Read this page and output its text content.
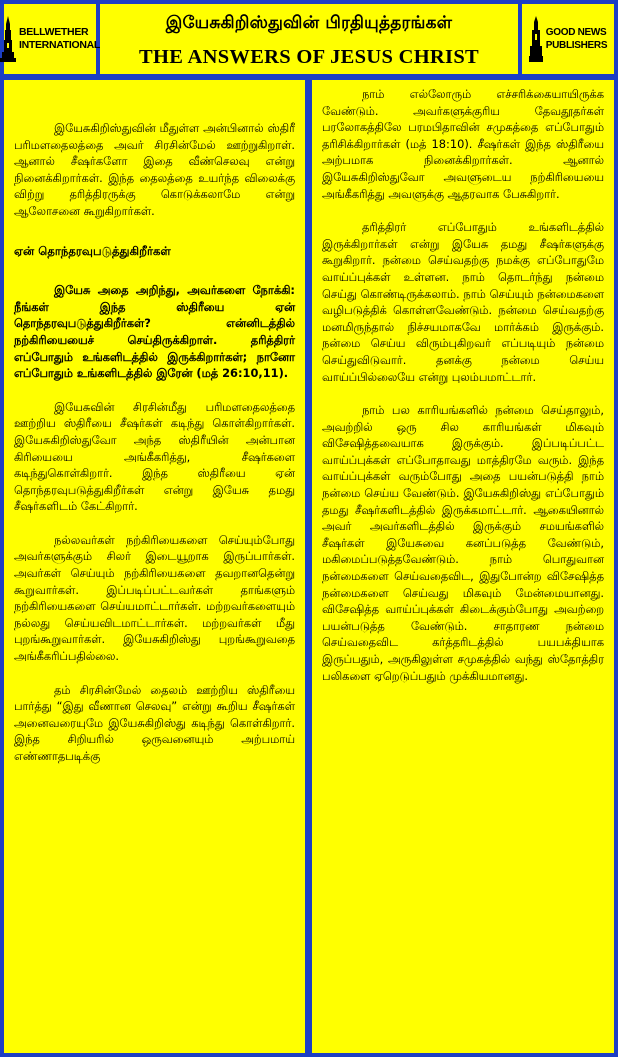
BELLWETHER
INTERNATIONAL
இயேசுகிறிஸ்துவின் பிரதியுத்தரங்கள்
THE ANSWERS OF JESUS CHRIST
GOOD NEWS
PUBLISHERS

இயேசுகிறிஸ்துவின் மீதுள்ள அன்பினால் ஸ்திரீ பரிமளதைலத்தை அவர் சிரசின்மேல் ஊற்றுகிறாள். ஆனால் சீஷர்களோ இதை வீண்செலவு என்று நினைக்கிறார்கள். இந்த தைலத்தை உயர்ந்த விலைக்கு விற்று தரித்திரருக்கு கொடுக்கலாமே என்று ஆலோசனை கூறுகிறார்கள்.

ஏன் தொந்தரவுபடுத்துகிறீர்கள்

இயேசு அதை அறிந்து, அவர்களை நோக்கி: நீங்கள் இந்த ஸ்திரீயை ஏன் தொந்தரவுபடுத்துகிறீர்கள்? என்னிடத்தில் நற்கிரியையைச் செய்திருக்கிறாள். தரித்திரர் எப்போதும் உங்களிடத்தில் இருக்கிறார்கள்; நானோ எப்போதும் உங்களிடத்தில் இரேன் (மத் 26:10,11).

இயேசுவின் சிரசின்மீது பரிமளதைலத்தை ஊற்றிய ஸ்திரீயை சீஷர்கள் கடிந்து கொள்கிறார்கள். இயேசுகிறிஸ்துவோ அந்த ஸ்திரீயின் அன்பான கிரியையை அங்கீகரித்து, சீஷர்களை கடிந்துகொள்கிறார். இந்த ஸ்திரீயை ஏன் தொந்தரவுபடுத்துகிறீர்கள் என்று இயேசு தமது சீஷர்களிடம் கேட்கிறார்.

நல்லவர்கள் நற்கிரியைகளை செய்யும்போது அவர்களுக்கும் சிலர் இடையூறாக இருப்பார்கள். அவர்கள் செய்யும் நற்கிரியைகளை தவறானதென்று கூறுவார்கள். இப்படிப்பட்டவர்கள் தாங்களும் நற்கிரியைகளை செய்யமாட்டார்கள். மற்றவர்களையும் நல்லது செய்யவிடமாட்டார்கள். மற்றவர்கள் மீது புறங்கூறுவார்கள். இயேசுகிறிஸ்து புறங்கூறுவதை அங்கீகரிப்பதில்லை.

தம் சிரசின்மேல் தைலம் ஊற்றிய ஸ்திரீயை பார்த்து “இது வீணான செலவு” என்று கூறிய சீஷர்கள் அனைவரையுமே இயேசுகிறிஸ்து கடிந்து கொள்கிறார். இந்த சிறியரில் ஒருவனையும் அற்பமாய் எண்ணாதபடிக்கு

நாம் எல்லோரும் எச்சரிக்கையாயிருக்க வேண்டும். அவர்களுக்குரிய தேவதூதர்கள் பரலோகத்திலே பரமபிதாவின் சமுகத்தை எப்போதும் தரிசிக்கிறார்கள் (மத் 18:10). சீஷர்கள் இந்த ஸ்திரீயை அற்பமாக நினைக்கிறார்கள். ஆனால் இயேசுகிறிஸ்துவோ அவளுடைய நற்கிரியையை அங்கீகரித்து அவளுக்கு ஆதரவாக பேசுகிறார்.

தரித்திரர் எப்போதும் உங்களிடத்தில் இருக்கிறார்கள் என்று இயேசு தமது சீஷர்களுக்கு கூறுகிறார். நன்மை செய்வதற்கு நமக்கு எப்போதுமே வாய்ப்புக்கள் உள்ளன. நாம் தொடர்ந்து நன்மை செய்து கொண்டிருக்கலாம். நாம் செய்யும் நன்மைகளை வழிபடுத்திக் கொள்ளவேண்டும். நன்மை செய்வதற்கு மனமிருந்தால் நிச்சயமாகவே மார்க்கம் இருக்கும். நன்மை செய்ய விரும்புகிறவர் எப்படியும் நன்மை செய்துவிடுவார். தனக்கு நன்மை செய்ய வாய்ப்பில்லையே என்று புலம்பமாட்டார்.

நாம் பல காரியங்களில் நன்மை செய்தாலும், அவற்றில் ஒரு சில காரியங்கள் மிகவும் விசேஷித்தவையாக இருக்கும். இப்படிப்பட்ட வாய்ப்புக்கள் எப்போதாவது மாத்திரமே வரும். இந்த வாய்ப்புக்கள் வரும்போது அதை பயன்படுத்தி நாம் நன்மை செய்ய வேண்டும். இயேசுகிறிஸ்து எப்போதும் தமது சீஷர்களிடத்தில் இருக்கமாட்டார். ஆகையினால் அவர் அவர்களிடத்தில் இருக்கும் சமயங்களில் சீஷர்கள் இயேசுவை கனப்படுத்த வேண்டும், மகிமைப்படுத்தவேண்டும். நாம் பொதுவான நன்மைகளை செய்வதைவிட, இதுபோன்ற விசேஷித்த நன்மைகளை செய்வது மிகவும் மேன்மையானது. விசேஷித்த வாய்ப்புக்கள் கிடைக்கும்போது அவற்றை பயன்படுத்த வேண்டும். சாதாரண நன்மை செய்வதைவிட கர்த்தரிடத்தில் பயபக்தியாக இருப்பதும், அருகிலுள்ள சமுகத்தில் வந்து ஸ்தோத்திர பலிகளை ஏறெடுப்பதும் முக்கியமானது.
